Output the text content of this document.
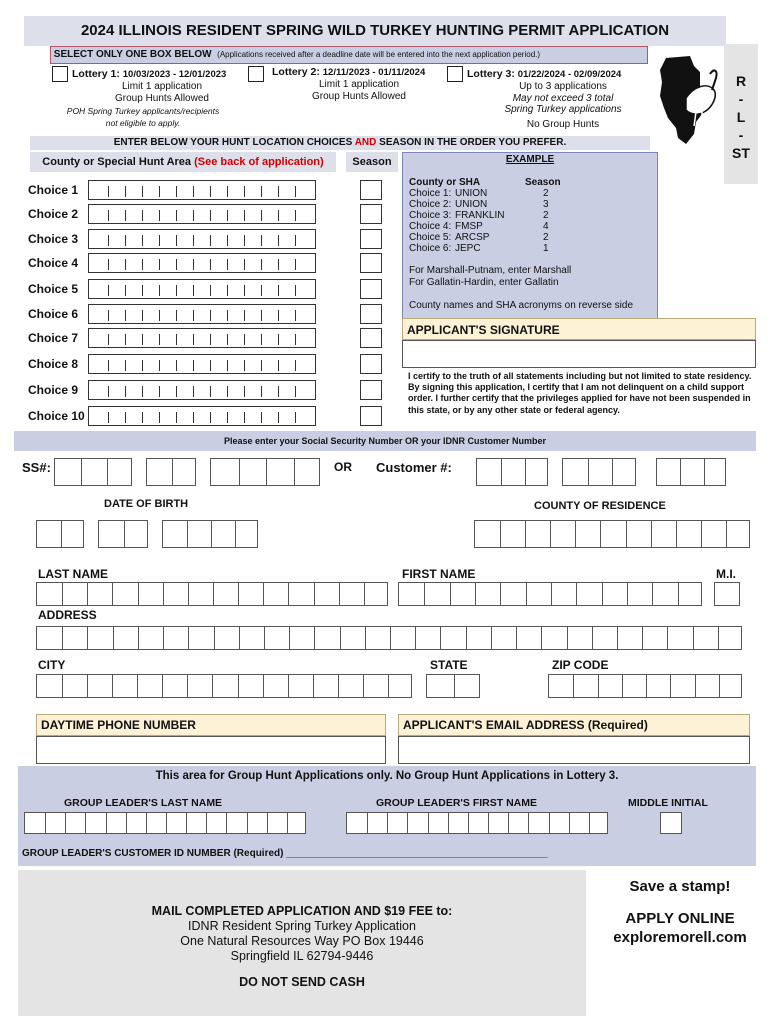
2024 ILLINOIS RESIDENT SPRING WILD TURKEY HUNTING PERMIT APPLICATION
R
-
L
-
ST
SELECT ONLY ONE BOX BELOW (Applications received after a deadline date will be entered into the next application period.)
Lottery 1: 10/03/2023 - 12/01/2023
Limit 1 application
Group Hunts Allowed
POH Spring Turkey applicants/recipients
not eligible to apply.
Lottery 2: 12/11/2023 - 01/11/2024
Limit 1 application
Group Hunts Allowed
Lottery 3: 01/22/2024 - 02/09/2024
Up to 3 applications
May not exceed 3 total
Spring Turkey applications
No Group Hunts
ENTER BELOW YOUR HUNT LOCATION CHOICES AND SEASON IN THE ORDER YOU PREFER.
County or Special Hunt Area (See back of application)	Season
Choice 1
Choice 2
Choice 3
Choice 4
Choice 5
Choice 6
Choice 7
Choice 8
Choice 9
Choice 10
EXAMPLE
County or SHA	Season
Choice 1: UNION	2
Choice 2: UNION	3
Choice 3: FRANKLIN	2
Choice 4: FMSP	4
Choice 5: ARCSP	2
Choice 6: JEPC	1
For Marshall-Putnam, enter Marshall
For Gallatin-Hardin, enter Gallatin
County names and SHA acronyms on reverse side
APPLICANT'S SIGNATURE
I certify to the truth of all statements including but not limited to state residency. By signing this application, I certify that I am not delinquent on a child support order. I further certify that the privileges applied for have not been suspended in this state, or by any other state or federal agency.
Please enter your Social Security Number OR your IDNR Customer Number
SS#:	OR Customer #:
DATE OF BIRTH	COUNTY OF RESIDENCE
LAST NAME	FIRST NAME	M.I.
ADDRESS
CITY	STATE	ZIP CODE
DAYTIME PHONE NUMBER	APPLICANT'S EMAIL ADDRESS (Required)
This area for Group Hunt Applications only. No Group Hunt Applications in Lottery 3.
GROUP LEADER'S LAST NAME	GROUP LEADER'S FIRST NAME	MIDDLE INITIAL
GROUP LEADER'S CUSTOMER ID NUMBER (Required) _______________________________________________
MAIL COMPLETED APPLICATION AND $19 FEE to:
IDNR Resident Spring Turkey Application
One Natural Resources Way PO Box 19446
Springfield IL 62794-9446
DO NOT SEND CASH
Save a stamp!
APPLY ONLINE
exploremorell.com
